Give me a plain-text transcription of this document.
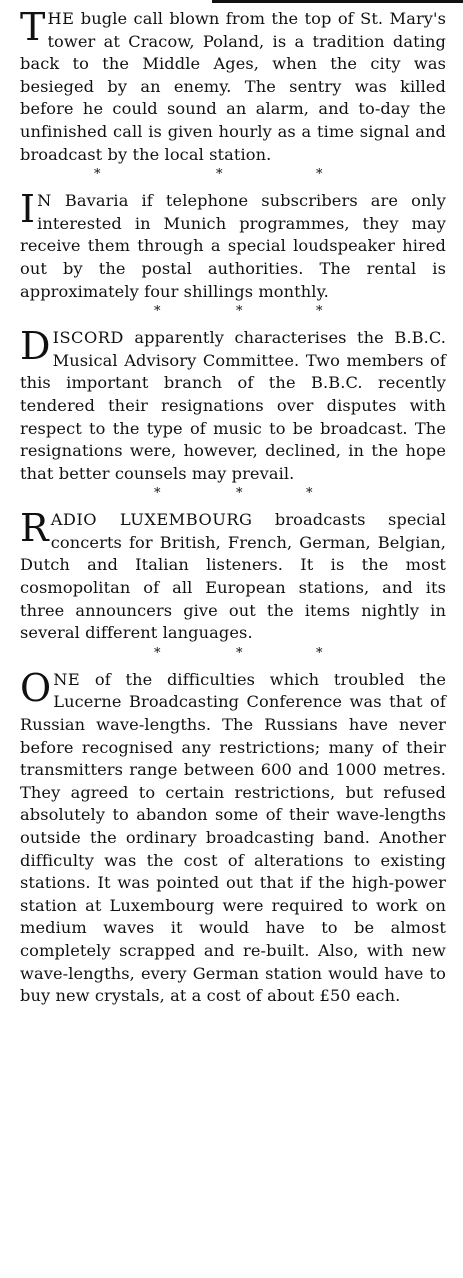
THE bugle call blown from the top of St. Mary's tower at Cracow, Poland, is a tradition dating back to the Middle Ages, when the city was besieged by an enemy. The sentry was killed before he could sound an alarm, and to-day the unfinished call is given hourly as a time signal and broadcast by the local station.

*	*	*

I N Bavaria if telephone subscribers are only interested in Munich programmes, they may receive them through a special loudspeaker hired out by the postal authorities. The rental is approximately four shillings monthly.

*	*	*

DISCORD apparently characterises the B.B.C. Musical Advisory Committee. Two members of this important branch of the B.B.C. recently tendered their resignations over disputes with respect to the type of music to be broadcast. The resignations were, however, declined, in the hope that better counsels may prevail.

*	*	*

RADIO LUXEMBOURG broadcasts special concerts for British, French, German, Belgian, Dutch and Italian listeners. It is the most cosmopolitan of all European stations, and its three announcers give out the items nightly in several different languages.

*	*	*

ONE of the difficulties which troubled the Lucerne Broadcasting Conference was that of Russian wave-lengths. The Russians have never before recognised any restrictions; many of their transmitters range between 600 and 1000 metres. They agreed to certain restrictions, but refused absolutely to abandon some of their wave-lengths outside the ordinary broadcasting band. Another difficulty was the cost of alterations to existing stations. It was pointed out that if the high-power station at Luxembourg were required to work on medium waves it would have to be almost completely scrapped and re-built. Also, with new wave-lengths, every German station would have to buy new crystals, at a cost of about £50 each.
